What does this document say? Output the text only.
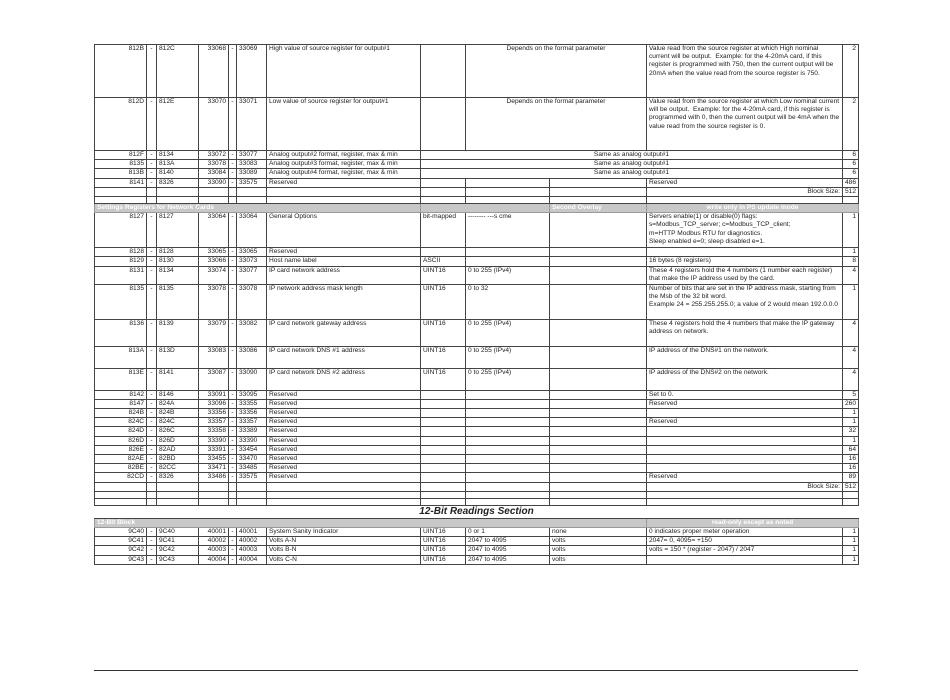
812B	-	812C	33068	-	33069	High value of source register for output#1		Depends on the format parameter		Value read from the source register at which High nominal current will be output.  Example: for the 4-20mA card, if this register is programmed with 750, then the current output will be 20mA when the value read from the source register is 750.	2
812D	-	812E	33070	-	33071	Low value of source register for output#1		Depends on the format parameter		Value read from the source register at which Low nominal current will be output.  Example: for the 4-20mA card, if this register is programmed with 0, then the current output will be 4mA when the value read from the source register is 0.	2
812F	-	8134	33072	-	33077	Analog output#2 format, register, max & min	Same as analog output#1				6
8135	-	813A	33078	-	33083	Analog output#3 format, register, max & min	Same as analog output#1				6
813B	-	8140	33084	-	33089	Analog output#4 format, register, max & min	Same as analog output#1				6
8141	-	8326	33090	-	33575	Reserved				Reserved	486
										Block Size:	512

Settings Registers for Network Cards									Second Overlay	write only in PS update mode	
8127	-	8127	33064	-	33064	General Options	bit-mapped	-------- ---s cme		Servers enable(1) or disable(0) flags:
s=Modbus_TCP_server; c=Modbus_TCP_client;
m=HTTP Modbus RTU for diagnostics.
Sleep enabled e=0; sleep disabled e=1.	1
8128	-	8128	33065	-	33065	Reserved					1
8129	-	8130	33066	-	33073	Host name label	ASCII			16 bytes (8 registers)	8
8131	-	8134	33074	-	33077	IP card network address	UINT16	0 to 255 (IPv4)		These 4 registers hold the 4 numbers (1 number each register) that make the IP address used by the card.	4
8135	-	8135	33078	-	33078	IP network address mask length	UINT16	0 to 32		Number of bits that are set in the IP address mask, starting from the Msb of the 32 bit word.
Example 24 = 255.255.255.0; a value of 2 would mean 192.0.0.0	1
8136	-	8139	33079	-	33082	IP card network gateway address	UINT16	0 to 255 (IPv4)		These 4 registers hold the 4 numbers that make the IP gateway address on network.	4
813A	-	813D	33083	-	33086	IP card network DNS #1 address	UINT16	0 to 255 (IPv4)		IP address of the DNS#1 on the network.	4
813E	-	8141	33087	-	33090	IP card network DNS #2 address	UINT16	0 to 255 (IPv4)		IP address of the DNS#2 on the network.	4
8142	-	8146	33091	-	33095	Reserved				Set to 0.	5
8147	-	824A	33096	-	33355	Reserved				Reserved	260
824B	-	824B	33356	-	33356	Reserved					1
824C	-	824C	33357	-	33357	Reserved				Reserved	1
824D	-	826C	33358	-	33389	Reserved					32
826D	-	826D	33390	-	33390	Reserved					1
826E	-	82AD	33391	-	33454	Reserved					64
82AE	-	82BD	33455	-	33470	Reserved					16
82BE	-	82CC	33471	-	33485	Reserved					16
82CD	-	8326	33486	-	33575	Reserved				Reserved	89
										Block Size:	512

12-Bit Readings Section											
12-Bit Block										read-only except as noted	
9C40	-	9C40	40001	-	40001	System Sanity Indicator	UINT16	0 or 1	none	0 indicates proper meter operation	1
9C41	-	9C41	40002	-	40002	Volts A-N	UINT16	2047 to 4095	volts	2047= 0, 4095= +150	1
9C42	-	9C42	40003	-	40003	Volts B-N	UINT16	2047 to 4095	volts	volts = 150 * (register - 2047) / 2047	1
9C43	-	9C43	40004	-	40004	Volts C-N	UINT16	2047 to 4095	volts		1
